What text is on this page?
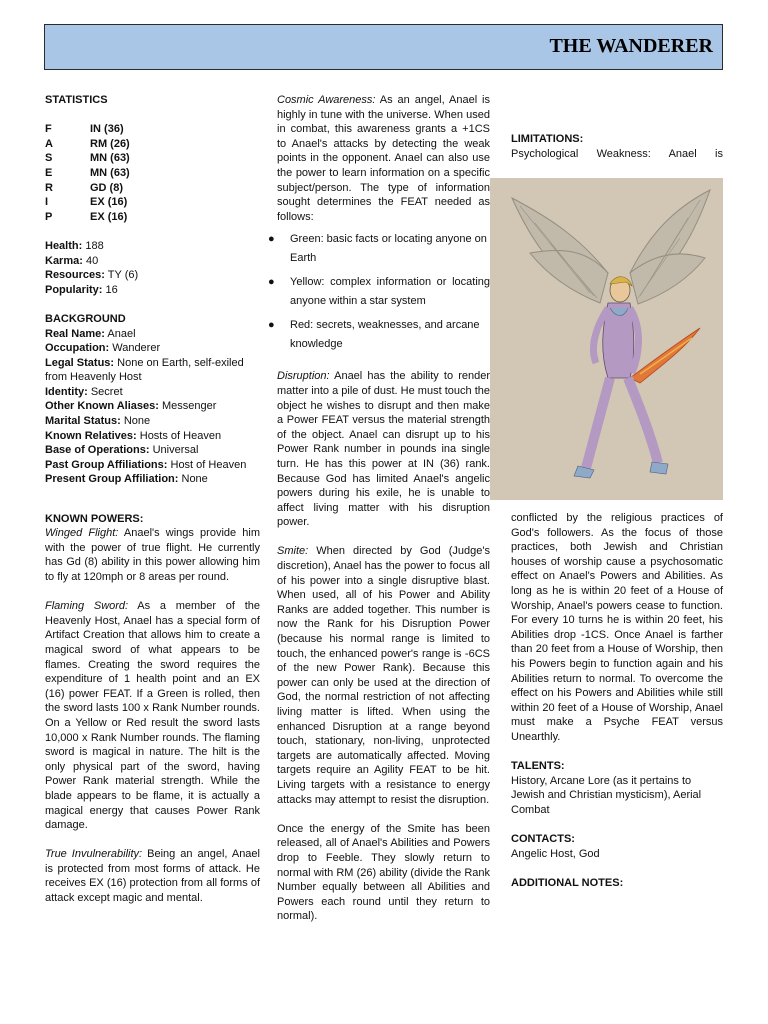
THE WANDERER

STATISTICS

F	IN (36)
A	RM (26)
S	MN (63)
E	MN (63)
R	GD (8)
I	EX (16)
P	EX (16)

Health: 188

Karma: 40

Resources: TY (6)

Popularity: 16

BACKGROUND

Real Name: Anael

Occupation: Wanderer

Legal Status: None on Earth, self-exiled from Heavenly Host

Identity: Secret

Other Known Aliases: Messenger

Marital Status: None

Known Relatives: Hosts of Heaven

Base of Operations: Universal

Past Group Affiliations: Host of Heaven

Present Group Affiliation: None

KNOWN POWERS:

Winged Flight: Anael's wings provide him with the power of true flight. He currently has Gd (8) ability in this power allowing him to fly at 120mph or 8 areas per round.

Flaming Sword: As a member of the Heavenly Host, Anael has a special form of Artifact Creation that allows him to create a magical sword of what appears to be flames. Creating the sword requires the expenditure of 1 health point and an EX (16) power FEAT. If a Green is rolled, then the sword lasts 100 x Rank Number rounds. On a Yellow or Red result the sword lasts 10,000 x Rank Number rounds. The flaming sword is magical in nature. The hilt is the only physical part of the sword, having Power Rank material strength. While the blade appears to be flame, it is actually a magical energy that causes Power Rank damage.

True Invulnerability: Being an angel, Anael is protected from most forms of attack. He receives EX (16) protection from all forms of attack except magic and mental.

Cosmic Awareness: As an angel, Anael is highly in tune with the universe. When used in combat, this awareness grants a +1CS to Anael's attacks by detecting the weak points in the opponent. Anael can also use the power to learn information on a specific subject/person. The type of information sought determines the FEAT needed as follows:

● Green: basic facts or locating anyone on Earth
● Yellow: complex information or locating anyone within a star system
● Red: secrets, weaknesses, and arcane knowledge

Disruption: Anael has the ability to render matter into a pile of dust. He must touch the object he wishes to disrupt and then make a Power FEAT versus the material strength of the object. Anael can disrupt up to his Power Rank number in pounds ina single turn. He has this power at IN (36) rank. Because God has limited Anael's angelic powers during his exile, he is unable to affect living matter with his disruption power.

Smite: When directed by God (Judge's discretion), Anael has the power to focus all of his power into a single disruptive blast. When used, all of his Power and Ability Ranks are added together. This number is now the Rank for his Disruption Power (because his normal range is limited to touch, the enhanced power's range is -6CS of the new Power Rank). Because this power can only be used at the direction of God, the normal restriction of not affecting living matter is lifted. When using the enhanced Disruption at a range beyond touch, stationary, non-living, unprotected targets are automatically affected. Moving targets require an Agility FEAT to be hit. Living targets with a resistance to energy attacks may attempt to resist the disruption.

Once the energy of the Smite has been released, all of Anael's Abilities and Powers drop to Feeble. They slowly return to normal with RM (26) ability (divide the Rank Number equally between all Abilities and Powers each round until they return to normal).

LIMITATIONS:

Psychological Weakness: Anael is

conflicted by the religious practices of God's followers. As the focus of those practices, both Jewish and Christian houses of worship cause a psychosomatic effect on Anael's Powers and Abilities. As long as he is within 20 feet of a House of Worship, Anael's powers cease to function. For every 10 turns he is within 20 feet, his Abilities drop -1CS. Once Anael is farther than 20 feet from a House of Worship, then his Powers begin to function again and his Abilities return to normal. To overcome the effect on his Powers and Abilities while still within 20 feet of a House of Worship, Anael must make a Psyche FEAT versus Unearthly.

TALENTS:

History, Arcane Lore (as it pertains to Jewish and Christian mysticism), Aerial Combat

CONTACTS:

Angelic Host, God

ADDITIONAL NOTES:
